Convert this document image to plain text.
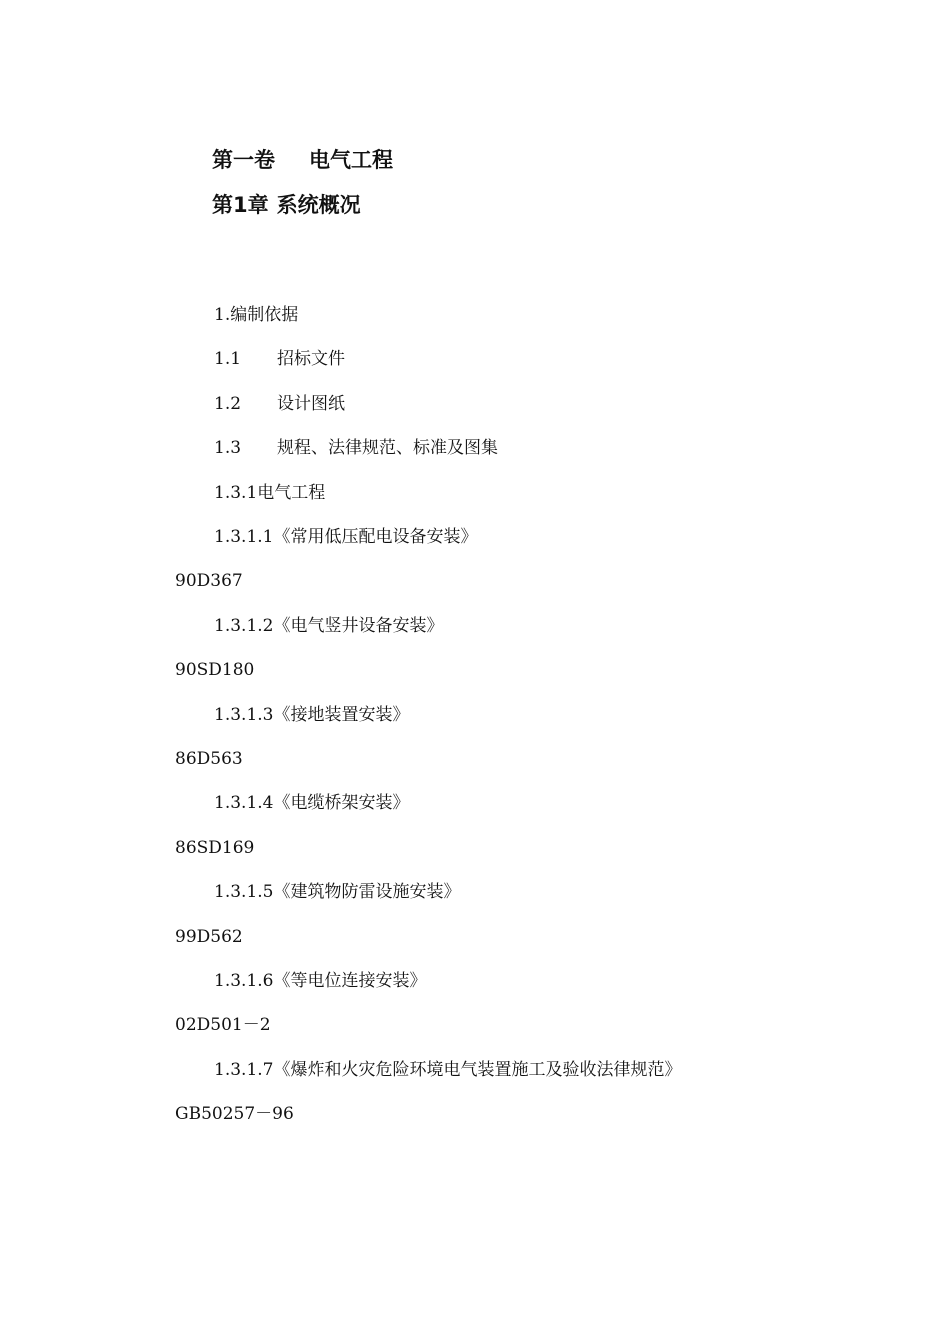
第一卷 电气工程
第1章 系统概况
1.编制依据
1.1 招标文件
1.2 设计图纸
1.3 规程、法律规范、标准及图集
1.3.1电气工程
1.3.1.1《常用低压配电设备安装》
90D367
1.3.1.2《电气竖井设备安装》
90SD180
1.3.1.3《接地装置安装》
86D563
1.3.1.4《电缆桥架安装》
86SD169
1.3.1.5《建筑物防雷设施安装》
99D562
1.3.1.6《等电位连接安装》
02D501－2
1.3.1.7《爆炸和火灾危险环境电气装置施工及验收法律规范》
GB50257－96
